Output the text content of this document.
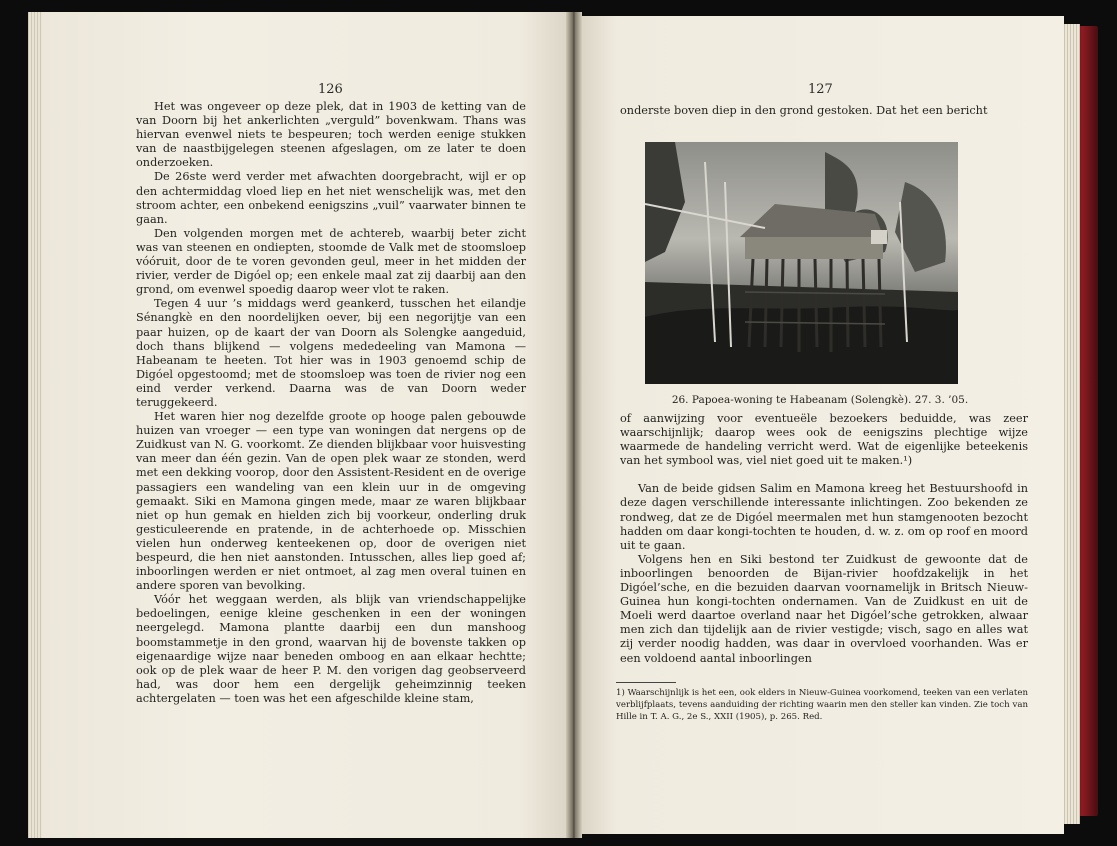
126

Het was ongeveer op deze plek, dat in 1903 de ketting van de van Doorn bij het ankerlichten „verguld” bovenkwam. Thans was hiervan evenwel niets te bespeuren; toch werden eenige stukken van de naastbijgelegen steenen afgeslagen, om ze later te doen onderzoeken.

De 26ste werd verder met afwachten doorgebracht, wijl er op den achtermiddag vloed liep en het niet wenschelijk was, met den stroom achter, een onbekend eenigszins „vuil” vaarwater binnen te gaan.

Den volgenden morgen met de achtereb, waarbij beter zicht was van steenen en ondiepten, stoomde de Valk met de stoomsloep vóóruit, door de te voren gevonden geul, meer in het midden der rivier, verder de Digóel op; een enkele maal zat zij daarbij aan den grond, om evenwel spoedig daarop weer vlot te raken.

Tegen 4 uur ’s middags werd geankerd, tusschen het eilandje Sénangkè en den noordelijken oever, bij een negorijtje van een paar huizen, op de kaart der van Doorn als Solengke aangeduid, doch thans blijkend — volgens mededeeling van Mamona — Habeanam te heeten. Tot hier was in 1903 genoemd schip de Digóel opgestoomd; met de stoomsloep was toen de rivier nog een eind verder verkend. Daarna was de van Doorn weder teruggekeerd.

Het waren hier nog dezelfde groote op hooge palen gebouwde huizen van vroeger — een type van woningen dat nergens op de Zuidkust van N. G. voorkomt. Ze dienden blijkbaar voor huisvesting van meer dan één gezin. Van de open plek waar ze stonden, werd met een dekking voorop, door den Assistent-Resident en de overige passagiers een wandeling van een klein uur in de omgeving gemaakt. Siki en Mamona gingen mede, maar ze waren blijkbaar niet op hun gemak en hielden zich bij voorkeur, onderling druk gesticuleerende en pratende, in de achterhoede op. Misschien vielen hun onderweg kenteekenen op, door de overigen niet bespeurd, die hen niet aanstonden. Intusschen, alles liep goed af; inboorlingen werden er niet ontmoet, al zag men overal tuinen en andere sporen van bevolking.

Vóór het weggaan werden, als blijk van vriendschappelijke bedoelingen, eenige kleine geschenken in een der woningen neergelegd. Mamona plantte daarbij een dun manshoog boomstammetje in den grond, waarvan hij de bovenste takken op eigenaardige wijze naar beneden omboog en aan elkaar hechtte; ook op de plek waar de heer P. M. den vorigen dag geobserveerd had, was door hem een dergelijk geheimzinnig teeken achtergelaten — toen was het een afgeschilde kleine stam,

127

onderste boven diep in den grond gestoken. Dat het een bericht

26. Papoea-woning te Habeanam (Solengkè). 27. 3. ’05.

of aanwijzing voor eventueële bezoekers beduidde, was zeer waarschijnlijk; daarop wees ook de eenigszins plechtige wijze waarmede de handeling verricht werd. Wat de eigenlijke beteekenis van het symbool was, viel niet goed uit te maken.¹)

Van de beide gidsen Salim en Mamona kreeg het Bestuurshoofd in deze dagen verschillende interessante inlichtingen. Zoo bekenden ze rondweg, dat ze de Digóel meermalen met hun stamgenooten bezocht hadden om daar kongi-tochten te houden, d. w. z. om op roof en moord uit te gaan.

Volgens hen en Siki bestond ter Zuidkust de gewoonte dat de inboorlingen benoorden de Bijan-rivier hoofdzakelijk in het Digóel’sche, en die bezuiden daarvan voornamelijk in Britsch Nieuw-Guinea hun kongi-tochten ondernamen. Van de Zuidkust en uit de Moeli werd daartoe overland naar het Digóel’sche getrokken, alwaar men zich dan tijdelijk aan de rivier vestigde; visch, sago en alles wat zij verder noodig hadden, was daar in overvloed voorhanden. Was er een voldoend aantal inboorlingen

1) Waarschijnlijk is het een, ook elders in Nieuw-Guinea voorkomend, teeken van een verlaten verblijfplaats, tevens aanduiding der richting waarin men den steller kan vinden. Zie toch van Hille in T. A. G., 2e S., XXII (1905), p. 265. Red.
